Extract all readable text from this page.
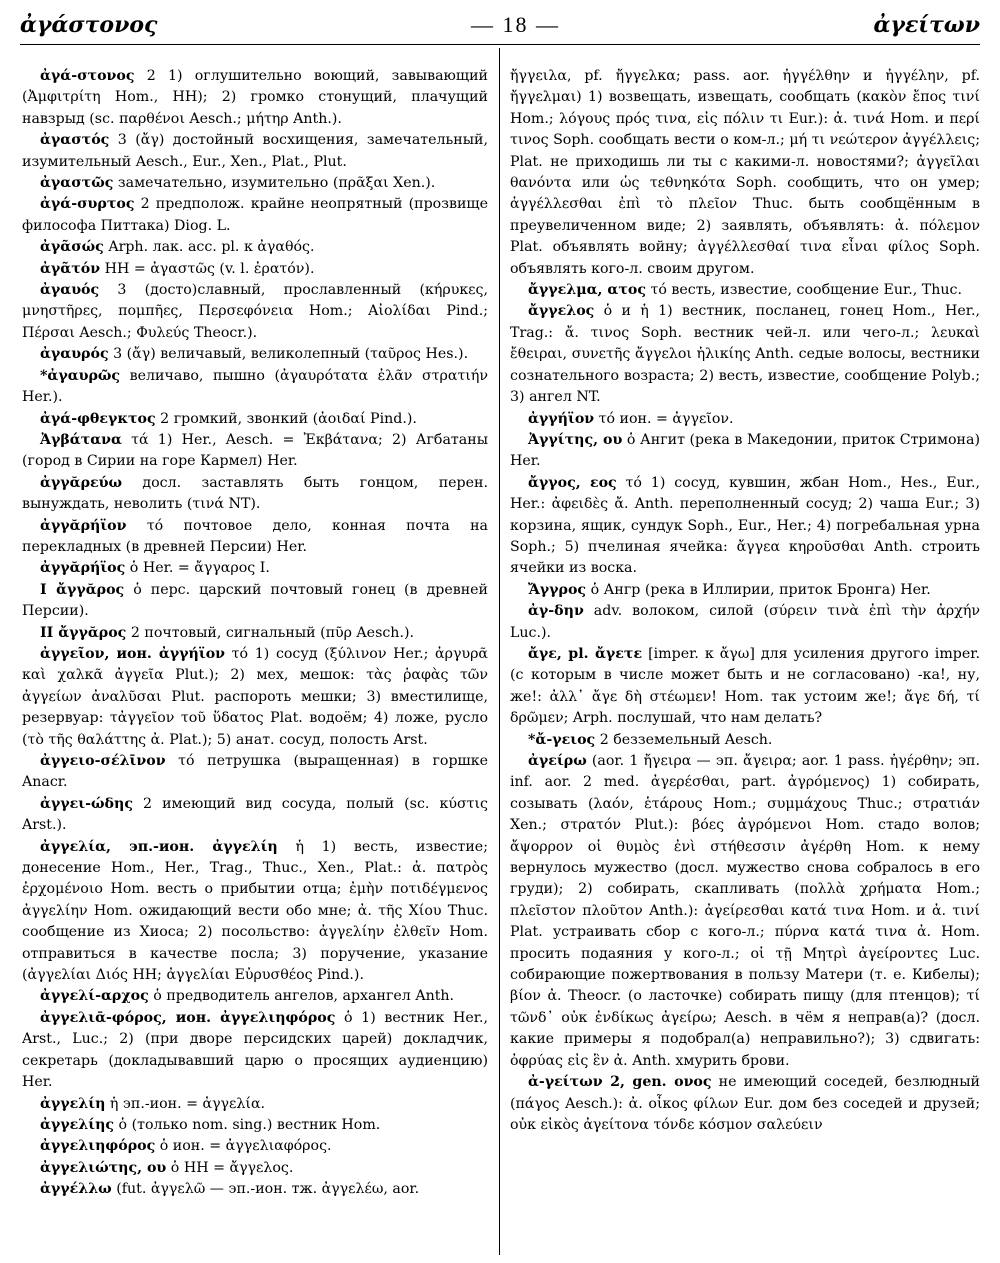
ἀγάστονος	— 18 —	ἀγείτων

ἀγά-στονος 2 1) оглушительно воющий, завывающий (Ἀμφιτρίτη Hom., HH); 2) громко стонущий, плачущий навзрыд (sc. παρθένοι Aesch.; μήτηρ Anth.).

ἀγαστός 3 (ἄγ) достойный восхищения, замечательный, изумительный Aesch., Eur., Xen., Plat., Plut.

ἀγαστῶς замечательно, изумительно (πρᾶξαι Xen.).

ἀγά-συρτος 2 предполож. крайне неопрятный (прозвище философа Питтака) Diog. L.

ἀγᾶσώς Arph. лак. acc. pl. к ἀγαθός.

ἀγᾶτόν HH = ἀγαστῶς (v. l. ἐρατόν).

ἀγαυός 3 (досто)славный, прославленный (κήρυκες, μνηστῆρες, πομπῆες, Περσεφόνεια Hom.; Αἰολίδαι Pind.; Πέρσαι Aesch.; Φυλεύς Theocr.).

ἀγαυρός 3 (ἄγ) величавый, великолепный (ταῦρος Hes.).

*ἀγαυρῶς величаво, пышно (ἀγαυρότατα ἐλᾶν στρατιήν Her.).

ἀγά-φθεγκτος 2 громкий, звонкий (ἀοιδαί Pind.).

Ἀγβάτανα τά 1) Her., Aesch. = Ἐκβάτανα; 2) Агбатаны (город в Сирии на горе Кармел) Her.

ἀγγᾰρεύω досл. заставлять быть гонцом, перен. вынуждать, неволить (τινά NT).

ἀγγᾰρήϊον τό почтовое дело, конная почта на перекладных (в древней Персии) Her.

ἀγγᾰρήϊος ὁ Her. = ἄγγαρος I.

I ἄγγᾰρος ὁ перс. царский почтовый гонец (в древней Персии).

II ἄγγᾰρος 2 почтовый, сигнальный (πῦρ Aesch.).

ἀγγεῖον, ион. ἀγγήϊον τό 1) сосуд (ξύλινον Her.; ἀργυρᾶ καὶ χαλκᾶ ἀγγεῖα Plut.); 2) мех, мешок: τὰς ῥαφὰς τῶν ἀγγείων ἀναλῦσαι Plut. распороть мешки; 3) вместилище, резервуар: τἀγγεῖον τοῦ ὕδατος Plat. водоём; 4) ложе, русло (τὸ τῆς θαλάττης ἀ. Plat.); 5) анат. сосуд, полость Arst.

ἀγγειο-σέλῑνον τό петрушка (выращенная) в горшке Anacr.

ἀγγει-ώδης 2 имеющий вид сосуда, полый (sc. κύστις Arst.).

ἀγγελία, эп.-ион. ἀγγελίη ἡ 1) весть, известие; донесение Hom., Her., Trag., Thuc., Xen., Plat.: ἀ. πατρὸς ἐρχομένοιο Hom. весть о прибытии отца; ἐμὴν ποτιδέγμενος ἀγγελίην Hom. ожидающий вести обо мне; ἀ. τῆς Χίου Thuc. сообщение из Хиоса; 2) посольство: ἀγγελίην ἐλθεῖν Hom. отправиться в качестве посла; 3) поручение, указание (ἀγγελίαι Διός HH; ἀγγελίαι Εὐρυσθέος Pind.).

ἀγγελί-αρχος ὁ предводитель ангелов, архангел Anth.

ἀγγελιᾱ-φόρος, ион. ἀγγελιηφόρος ὁ 1) вестник Her., Arst., Luc.; 2) (при дворе персидских царей) докладчик, секретарь (докладывавший царю о просящих аудиенцию) Her.

ἀγγελίη ἡ эп.-ион. = ἀγγελία.

ἀγγελίης ὁ (только nom. sing.) вестник Hom.

ἀγγελιηφόρος ὁ ион. = ἀγγελιαφόρος.

ἀγγελιώτης, ου ὁ HH = ἄγγελος.

ἀγγέλλω (fut. ἀγγελῶ — эп.-ион. тж. ἀγγελέω, aor.

ἤγγειλα, pf. ἤγγελκα; pass. aor. ἠγγέλθην и ἠγγέλην, pf. ἤγγελμαι) 1) возвещать, извещать, сообщать (κακὸν ἔπος τινί Hom.; λόγους πρός τινα, εἰς πόλιν τι Eur.): ἀ. τινά Hom. и περί τινος Soph. сообщать вести о ком-л.; μή τι νεώτερον ἀγγέλλεις; Plat. не приходишь ли ты с какими-л. новостями?; ἀγγεῖλαι θανόντα или ὡς τεθνηκότα Soph. сообщить, что он умер; ἀγγέλλεσθαι ἐπὶ τὸ πλεῖον Thuc. быть сообщённым в преувеличенном виде; 2) заявлять, объявлять: ἀ. πόλεμον Plat. объявлять войну; ἀγγέλλεσθαί τινα εἶναι φίλος Soph. объявлять кого-л. своим другом.

ἄγγελμα, ατος τό весть, известие, сообщение Eur., Thuc.

ἄγγελος ὁ и ἡ 1) вестник, посланец, гонец Hom., Her., Trag.: ἄ. τινος Soph. вестник чей-л. или чего-л.; λευκαὶ ἔθειραι, συνετῆς ἄγγελοι ἡλικίης Anth. седые волосы, вестники сознательного возраста; 2) весть, известие, сообщение Polyb.; 3) ангел NT.

ἀγγήϊον τό ион. = ἀγγεῖον.

Ἀγγίτης, ου ὁ Ангит (река в Македонии, приток Стримона) Her.

ἄγγος, εος τό 1) сосуд, кувшин, жбан Hom., Hes., Eur., Her.: ἀφειδὲς ἄ. Anth. переполненный сосуд; 2) чаша Eur.; 3) корзина, ящик, сундук Soph., Eur., Her.; 4) погребальная урна Soph.; 5) пчелиная ячейка: ἄγγεα κηροῦσθαι Anth. строить ячейки из воска.

Ἄγγρος ὁ Ангр (река в Иллирии, приток Бронга) Her.

ἀγ-δην adv. волоком, силой (σύρειν τινὰ ἐπὶ τὴν ἀρχήν Luc.).

ἄγε, pl. ἄγετε [imper. к ἄγω] для усиления другого imper. (с которым в числе может быть и не согласовано) -ка!, ну, же!: ἀλλ᾽ ἄγε δὴ στέωμεν! Hom. так устоим же!; ἄγε δή, τί δρῶμεν; Arph. послушай, что нам делать?

*ἄ-γειος 2 безземельный Aesch.

ἀγείρω (aor. 1 ἤγειρα — эп. ἄγειρα; aor. 1 pass. ἠγέρθην; эп. inf. aor. 2 med. ἀγερέσθαι, part. ἀγρόμενος) 1) собирать, созывать (λαόν, ἑτάρους Hom.; συμμάχους Thuc.; στρατιάν Xen.; στρατόν Plut.): βόες ἀγρόμενοι Hom. стадо волов; ἄψορρον οἱ θυμὸς ἐνὶ στήθεσσιν ἀγέρθη Hom. к нему вернулось мужество (досл. мужество снова собралось в его груди); 2) собирать, скапливать (πολλὰ χρήματα Hom.; πλεῖστον πλοῦτον Anth.): ἀγείρεσθαι κατά τινα Hom. и ἀ. τινί Plat. устраивать сбор с кого-л.; πύρνα κατά τινα ἀ. Hom. просить подаяния у кого-л.; οἱ τῇ Μητρὶ ἀγείροντες Luc. собирающие пожертвования в пользу Матери (т. е. Кибелы); βίον ἀ. Theocr. (о ласточке) собирать пищу (для птенцов); τί τῶνδ᾽ οὐκ ἐνδίκως ἀγείρω; Aesch. в чём я неправ(а)? (досл. какие примеры я подобрал(а) неправильно?); 3) сдвигать: ὀφρύας εἰς ἓν ἀ. Anth. хмурить брови.

ἀ-γείτων 2, gen. ονος не имеющий соседей, безлюдный (πάγος Aesch.): ἀ. οἶκος φίλων Eur. дом без соседей и друзей; οὐκ εἰκὸς ἀγείτονα τόνδε κόσμον σαλεύειν
